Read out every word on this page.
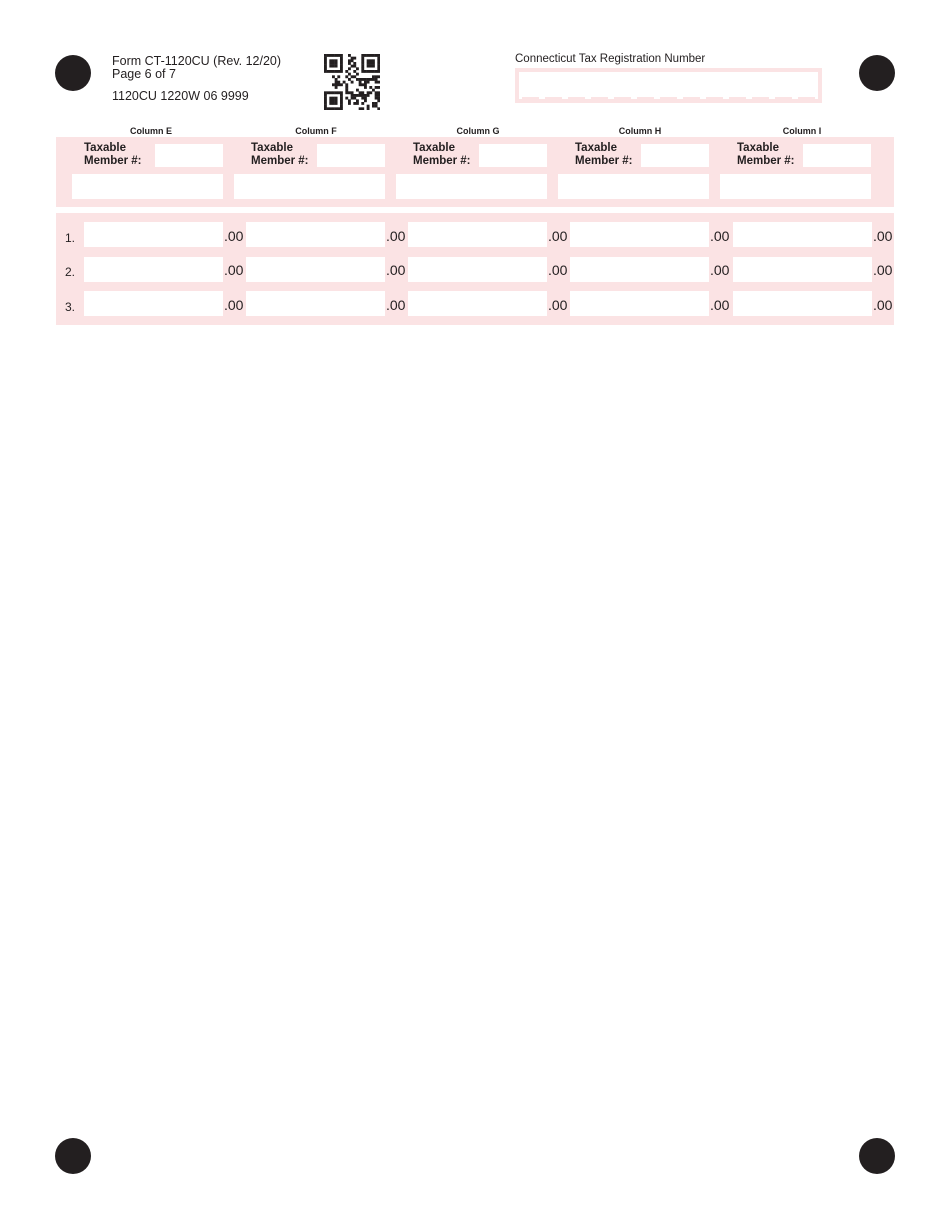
Form CT-1120CU (Rev. 12/20)
Page 6 of 7
1120CU 1220W 06 9999
Connecticut Tax Registration Number
Column E	Column F	Column G	Column H	Column I
Taxable
Member #:
Taxable
Member #:
Taxable
Member #:
Taxable
Member #:
Taxable
Member #:
1.	.00	.00	.00	.00	.00
2.	.00	.00	.00	.00	.00
3.	.00	.00	.00	.00	.00
